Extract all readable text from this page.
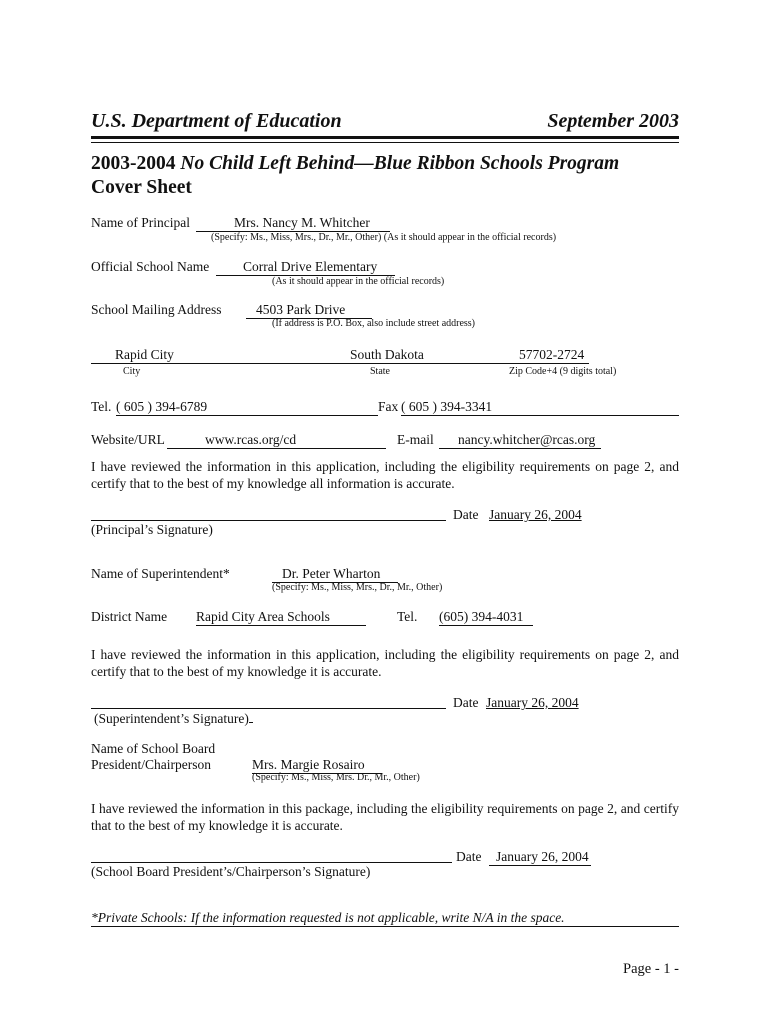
U.S. Department of Education	September 2003
2003-2004 No Child Left Behind—Blue Ribbon Schools Program
Cover Sheet
Name of Principal	Mrs. Nancy M. Whitcher
(Specify: Ms., Miss, Mrs., Dr., Mr., Other) (As it should appear in the official records)
Official School Name	Corral Drive Elementary
(As it should appear in the official records)
School Mailing Address	4503 Park Drive
(If address is P.O. Box, also include street address)
Rapid City	South Dakota	57702-2724
City	State	Zip Code+4 (9 digits total)
Tel. ( 605 ) 394-6789	Fax ( 605 ) 394-3341
Website/URL	www.rcas.org/cd	E-mail nancy.whitcher@rcas.org
I have reviewed the information in this application, including the eligibility requirements on page 2, and certify that to the best of my knowledge all information is accurate.
Date January 26, 2004
(Principal’s Signature)
Name of Superintendent*	Dr. Peter Wharton
(Specify: Ms., Miss, Mrs., Dr., Mr., Other)
District Name Rapid City Area Schools	Tel. (605) 394-4031
I have reviewed the information in this application, including the eligibility requirements on page 2, and certify that to the best of my knowledge it is accurate.
Date January 26, 2004
(Superintendent’s Signature)
Name of School Board
President/Chairperson	Mrs. Margie Rosairo
(Specify: Ms., Miss, Mrs. Dr., Mr., Other)
I have reviewed the information in this package, including the eligibility requirements on page 2, and certify that to the best of my knowledge it is accurate.
Date January 26, 2004
(School Board President’s/Chairperson’s Signature)
*Private Schools: If the information requested is not applicable, write N/A in the space.
Page - 1 -
